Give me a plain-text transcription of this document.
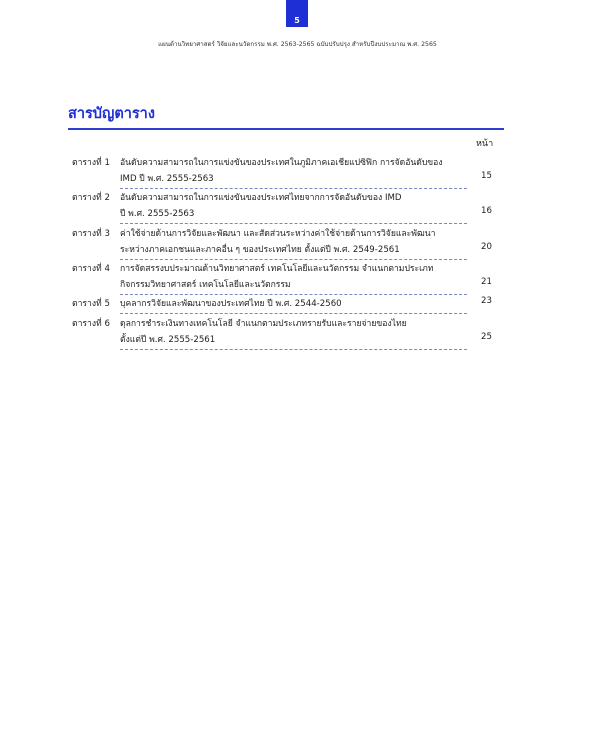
5
แผนด้านวิทยาศาสตร์ วิจัยและนวัตกรรม พ.ศ. 2563-2565 ฉบับปรับปรุง สำหรับปีงบประมาณ พ.ศ. 2565
สารบัญตาราง
หน้า
ตารางที่ 1 อันดับความสามารถในการแข่งขันของประเทศในภูมิภาคเอเชียแปซิฟิก การจัดอันดับของ
IMD ปี พ.ศ. 2555-2563	15
ตารางที่ 2 อันดับความสามารถในการแข่งขันของประเทศไทยจากการจัดอันดับของ IMD
ปี พ.ศ. 2555-2563	16
ตารางที่ 3 ค่าใช้จ่ายด้านการวิจัยและพัฒนา และสัดส่วนระหว่างค่าใช้จ่ายด้านการวิจัยและพัฒนา
ระหว่างภาคเอกชนและภาคอื่น ๆ ของประเทศไทย ตั้งแต่ปี พ.ศ. 2549-2561	20
ตารางที่ 4 การจัดสรรงบประมาณด้านวิทยาศาสตร์ เทคโนโลยีและนวัตกรรม จำแนกตามประเภท
กิจกรรมวิทยาศาสตร์ เทคโนโลยีและนวัตกรรม	21
ตารางที่ 5 บุคลากรวิจัยและพัฒนาของประเทศไทย ปี พ.ศ. 2544-2560	23
ตารางที่ 6 ดุลการชำระเงินทางเทคโนโลยี จำแนกตามประเภทรายรับและรายจ่ายของไทย
ตั้งแต่ปี พ.ศ. 2555-2561	25
